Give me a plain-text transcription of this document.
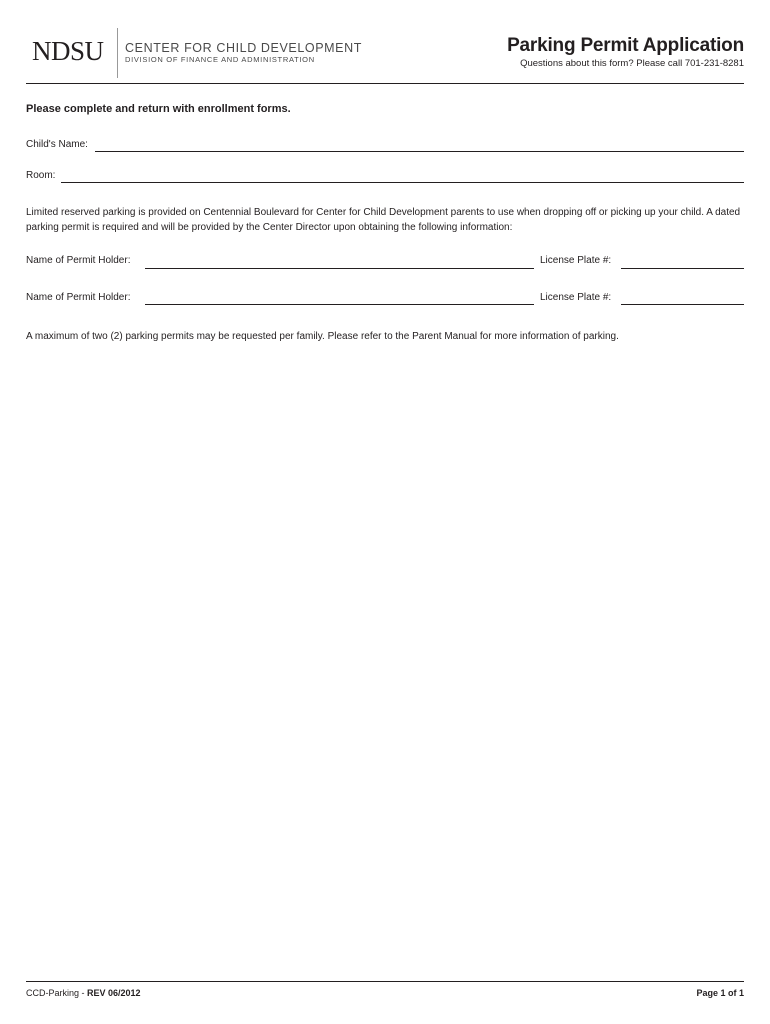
NDSU CENTER FOR CHILD DEVELOPMENT
DIVISION OF FINANCE AND ADMINISTRATION
Parking Permit Application
Questions about this form? Please call 701-231-8281
Please complete and return with enrollment forms.
Child's Name:
Room:
Limited reserved parking is provided on Centennial Boulevard for Center for Child Development parents to use when dropping off or picking up your child. A dated parking permit is required and will be provided by the Center Director upon obtaining the following information:
Name of Permit Holder:	License Plate #:
Name of Permit Holder:	License Plate #:
A maximum of two (2) parking permits may be requested per family. Please refer to the Parent Manual for more information of parking.
CCD-Parking - REV 06/2012	Page 1 of 1
